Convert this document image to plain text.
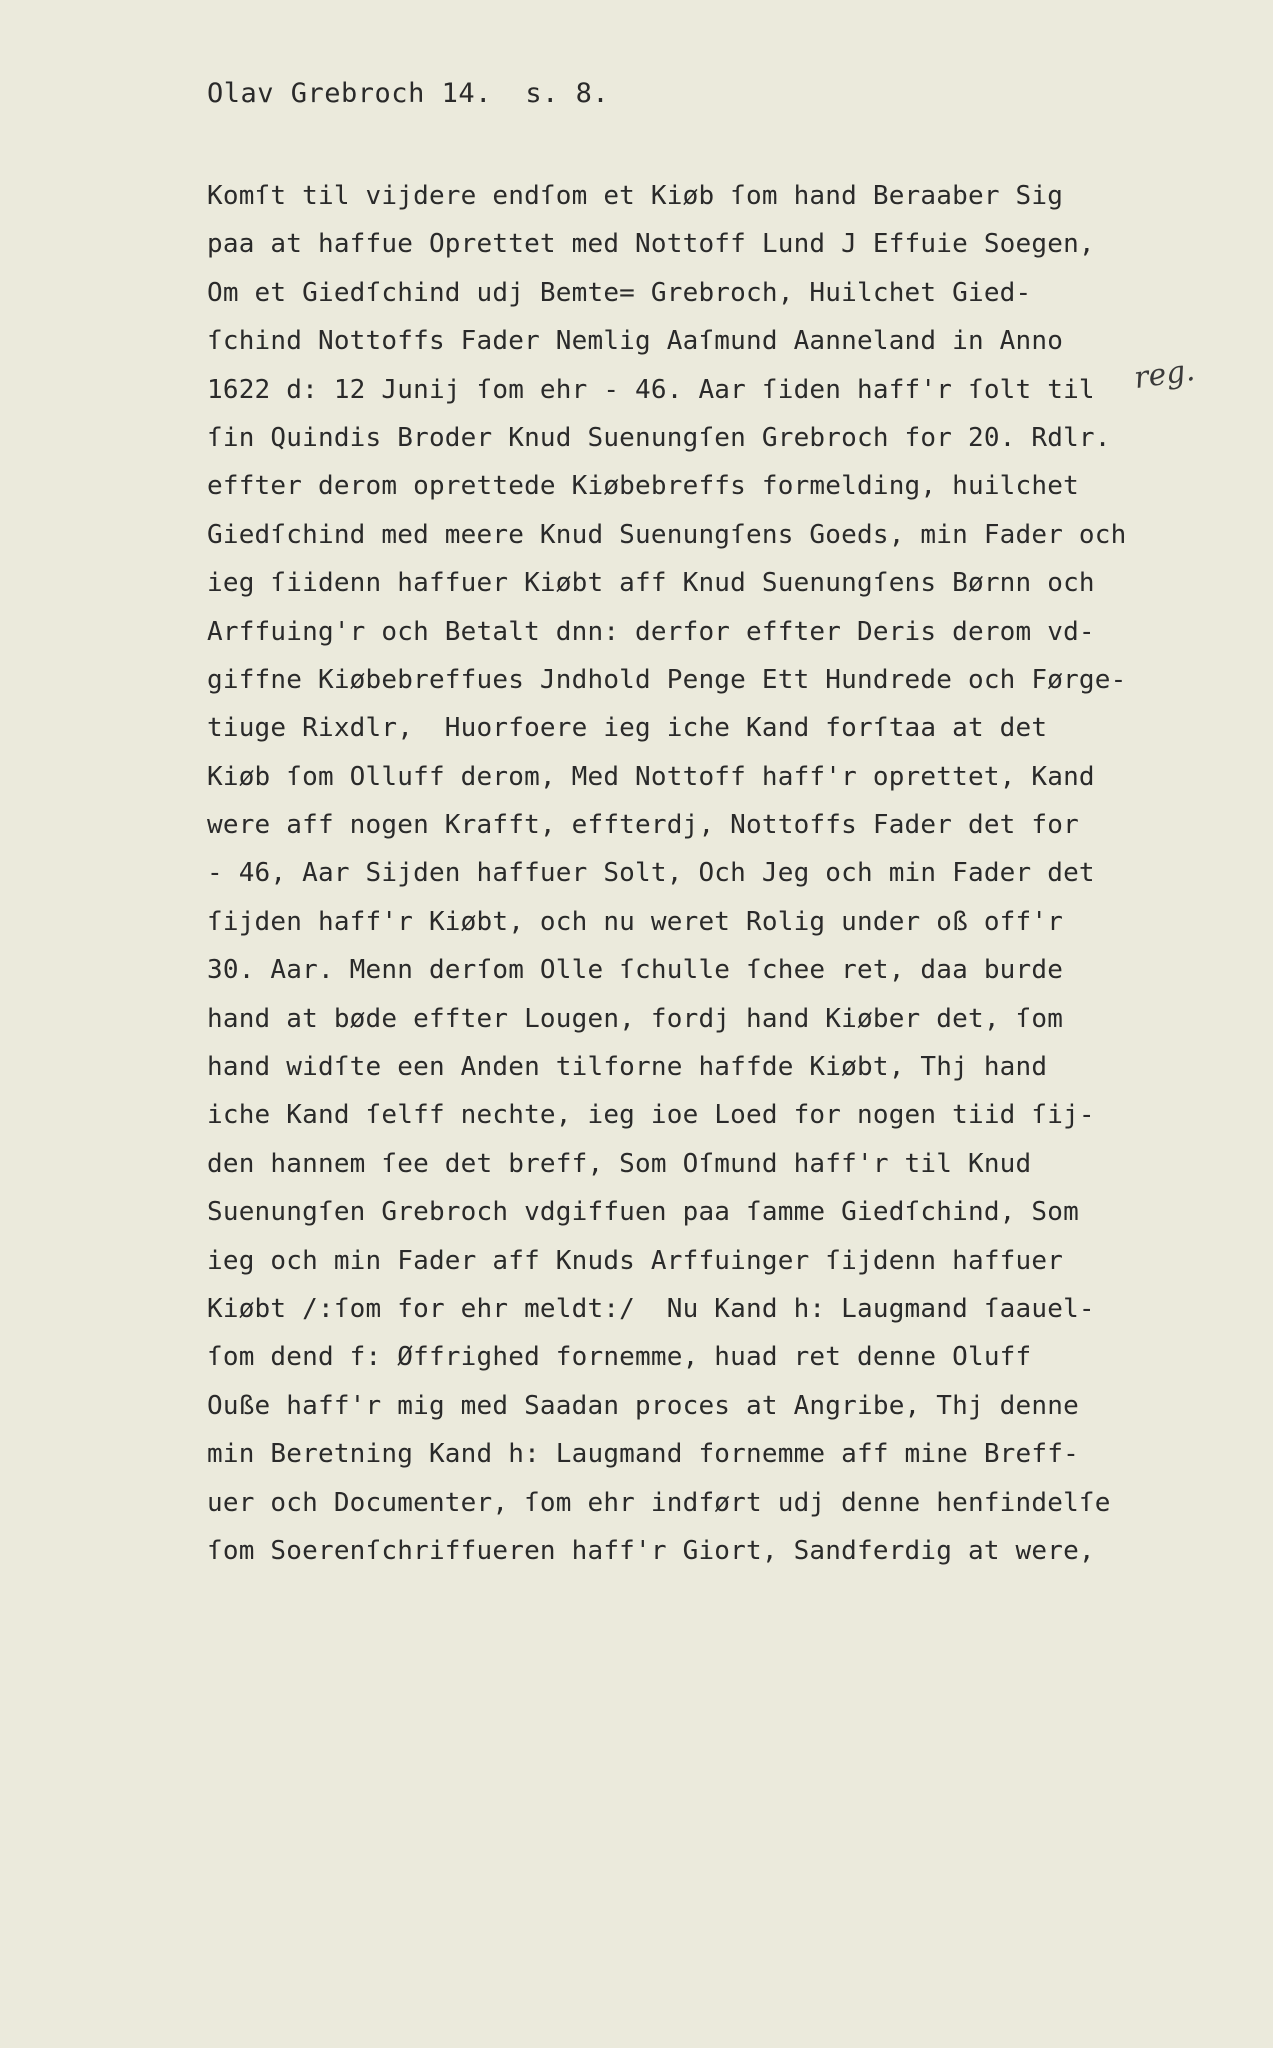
Olav Grebroch 14.  s. 8.
reg.
Komſt til vijdere endſom et Kiøb ſom hand Beraaber Sig
paa at haffue Oprettet med Nottoff Lund J Effuie Soegen,
Om et Giedſchind udj Bemte= Grebroch, Huilchet Gied-
ſchind Nottoffs Fader Nemlig Aaſmund Aanneland in Anno
1622 d: 12 Junij ſom ehr - 46. Aar ſiden haff'r ſolt til
ſin Quindis Broder Knud Suenungſen Grebroch for 20. Rdlr.
effter derom oprettede Kiøbebreffs formelding, huilchet
Giedſchind med meere Knud Suenungſens Goeds, min Fader och
ieg ſiidenn haffuer Kiøbt aff Knud Suenungſens Børnn och
Arffuing'r och Betalt dnn: derfor effter Deris derom vd-
giffne Kiøbebreffues Jndhold Penge Ett Hundrede och Førge-
tiuge Rixdlr,  Huorfoere ieg iche Kand forſtaa at det
Kiøb ſom Olluff derom, Med Nottoff haff'r oprettet, Kand
were aff nogen Krafft, effterdj, Nottoffs Fader det for
- 46, Aar Sijden haffuer Solt, Och Jeg och min Fader det
ſijden haff'r Kiøbt, och nu weret Rolig under oß off'r
30. Aar. Menn derſom Olle ſchulle ſchee ret, daa burde
hand at bøde effter Lougen, fordj hand Kiøber det, ſom
hand widſte een Anden tilforne haffde Kiøbt, Thj hand
iche Kand ſelff nechte, ieg ioe Loed for nogen tiid ſij-
den hannem ſee det breff, Som Oſmund haff'r til Knud
Suenungſen Grebroch vdgiffuen paa ſamme Giedſchind, Som
ieg och min Fader aff Knuds Arffuinger ſijdenn haffuer
Kiøbt /:ſom for ehr meldt:/  Nu Kand h: Laugmand ſaauel-
ſom dend f: Øffrighed fornemme, huad ret denne Oluff
Ouße haff'r mig med Saadan proces at Angribe, Thj denne
min Beretning Kand h: Laugmand fornemme aff mine Breff-
uer och Documenter, ſom ehr indført udj denne henfindelſe
ſom Soerenſchriffueren haff'r Giort, Sandferdig at were,
